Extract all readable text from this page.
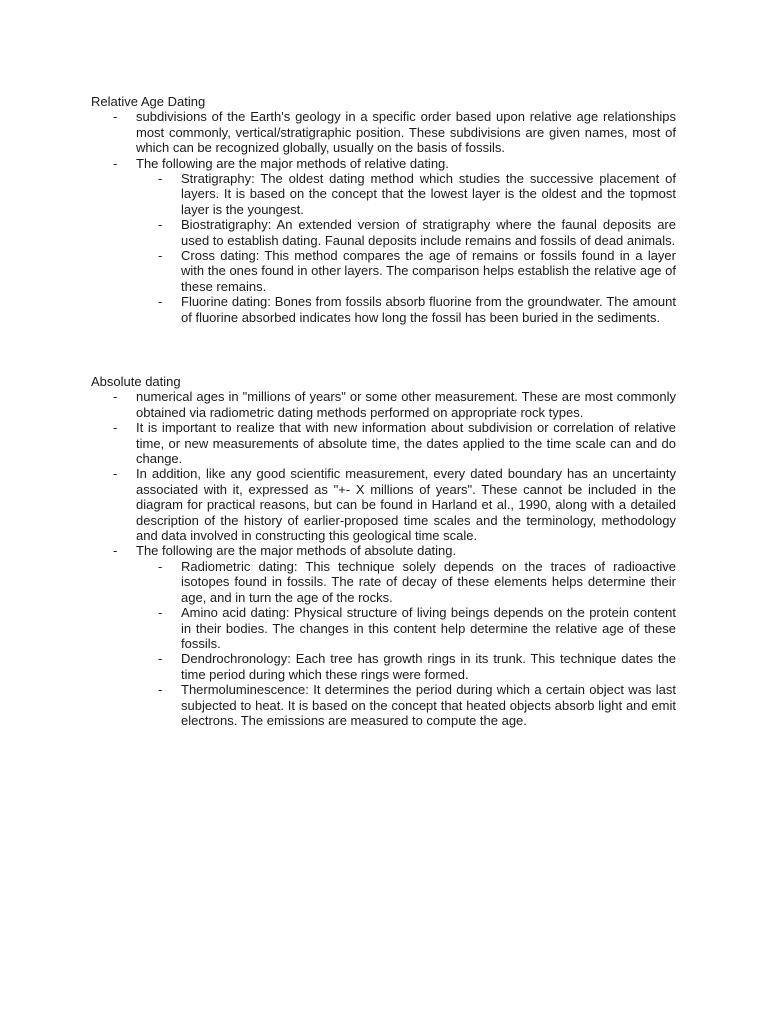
Relative Age Dating

-	subdivisions of the Earth's geology in a specific order based upon relative age relationships most commonly, vertical/stratigraphic position. These subdivisions are given names, most of which can be recognized globally, usually on the basis of fossils.
-	The following are the major methods of relative dating.
-	Stratigraphy: The oldest dating method which studies the successive placement of layers. It is based on the concept that the lowest layer is the oldest and the topmost layer is the youngest.
-	Biostratigraphy: An extended version of stratigraphy where the faunal deposits are used to establish dating. Faunal deposits include remains and fossils of dead animals.
-	Cross dating: This method compares the age of remains or fossils found in a layer with the ones found in other layers. The comparison helps establish the relative age of these remains.
-	Fluorine dating: Bones from fossils absorb fluorine from the groundwater. The amount of fluorine absorbed indicates how long the fossil has been buried in the sediments.

Absolute dating

-	numerical ages in "millions of years" or some other measurement. These are most commonly obtained via radiometric dating methods performed on appropriate rock types.
-	It is important to realize that with new information about subdivision or correlation of relative time, or new measurements of absolute time, the dates applied to the time scale can and do change.
-	In addition, like any good scientific measurement, every dated boundary has an uncertainty associated with it, expressed as "+- X millions of years". These cannot be included in the diagram for practical reasons, but can be found in Harland et al., 1990, along with a detailed description of the history of earlier-proposed time scales and the terminology, methodology and data involved in constructing this geological time scale.
-	The following are the major methods of absolute dating.
-	Radiometric dating: This technique solely depends on the traces of radioactive isotopes found in fossils. The rate of decay of these elements helps determine their age, and in turn the age of the rocks.
-	Amino acid dating: Physical structure of living beings depends on the protein content in their bodies. The changes in this content help determine the relative age of these fossils.
-	Dendrochronology: Each tree has growth rings in its trunk. This technique dates the time period during which these rings were formed.
-	Thermoluminescence: It determines the period during which a certain object was last subjected to heat. It is based on the concept that heated objects absorb light and emit electrons. The emissions are measured to compute the age.
